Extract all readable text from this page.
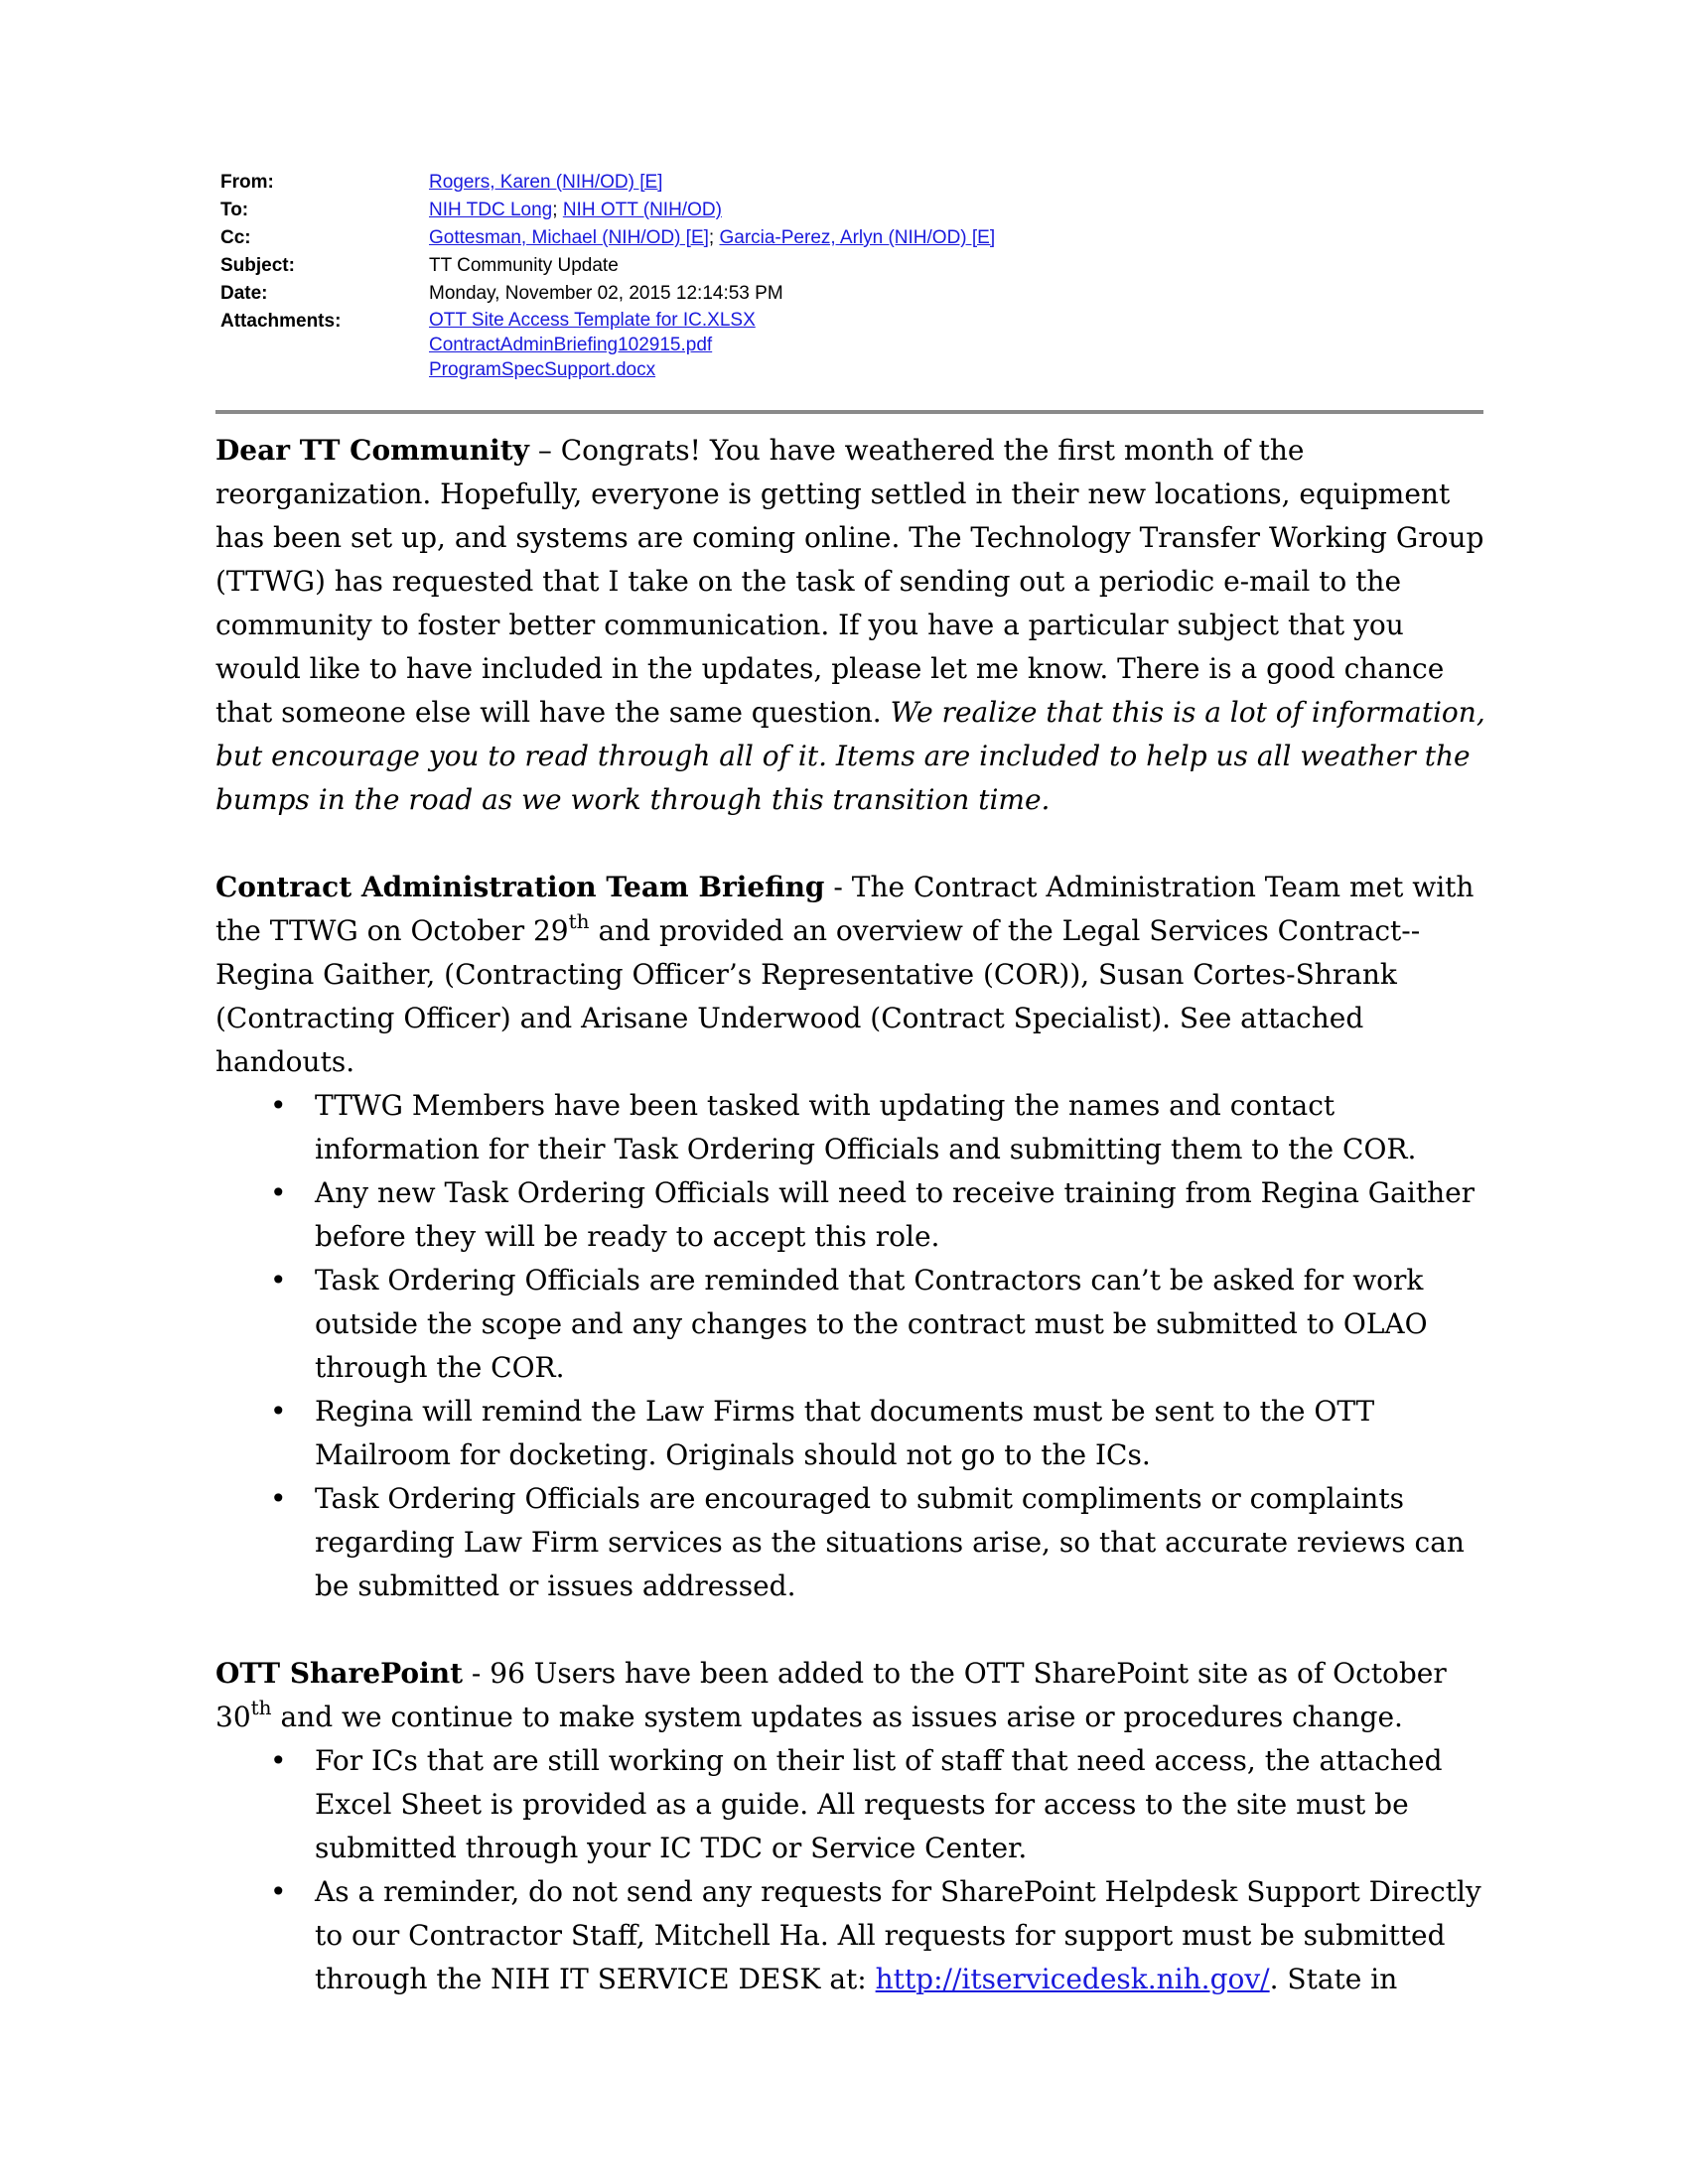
From:	Rogers, Karen (NIH/OD) [E]
To:	NIH TDC Long; NIH OTT (NIH/OD)
Cc:	Gottesman, Michael (NIH/OD) [E]; Garcia-Perez, Arlyn (NIH/OD) [E]
Subject:	TT Community Update
Date:	Monday, November 02, 2015 12:14:53 PM
Attachments:	OTT Site Access Template for IC.XLSX
ContractAdminBriefing102915.pdf
ProgramSpecSupport.docx

Dear TT Community – Congrats! You have weathered the first month of the reorganization. Hopefully, everyone is getting settled in their new locations, equipment has been set up, and systems are coming online. The Technology Transfer Working Group (TTWG) has requested that I take on the task of sending out a periodic e-mail to the community to foster better communication. If you have a particular subject that you would like to have included in the updates, please let me know. There is a good chance that someone else will have the same question. We realize that this is a lot of information, but encourage you to read through all of it. Items are included to help us all weather the bumps in the road as we work through this transition time.

Contract Administration Team Briefing - The Contract Administration Team met with the TTWG on October 29th and provided an overview of the Legal Services Contract--Regina Gaither, (Contracting Officer’s Representative (COR)), Susan Cortes-Shrank (Contracting Officer) and Arisane Underwood (Contract Specialist). See attached handouts.

• TTWG Members have been tasked with updating the names and contact information for their Task Ordering Officials and submitting them to the COR.
• Any new Task Ordering Officials will need to receive training from Regina Gaither before they will be ready to accept this role.
• Task Ordering Officials are reminded that Contractors can’t be asked for work outside the scope and any changes to the contract must be submitted to OLAO through the COR.
• Regina will remind the Law Firms that documents must be sent to the OTT Mailroom for docketing. Originals should not go to the ICs.
• Task Ordering Officials are encouraged to submit compliments or complaints regarding Law Firm services as the situations arise, so that accurate reviews can be submitted or issues addressed.

OTT SharePoint - 96 Users have been added to the OTT SharePoint site as of October 30th and we continue to make system updates as issues arise or procedures change.

• For ICs that are still working on their list of staff that need access, the attached Excel Sheet is provided as a guide. All requests for access to the site must be submitted through your IC TDC or Service Center.
• As a reminder, do not send any requests for SharePoint Helpdesk Support Directly to our Contractor Staff, Mitchell Ha. All requests for support must be submitted through the NIH IT SERVICE DESK at: http://itservicedesk.nih.gov/. State in
